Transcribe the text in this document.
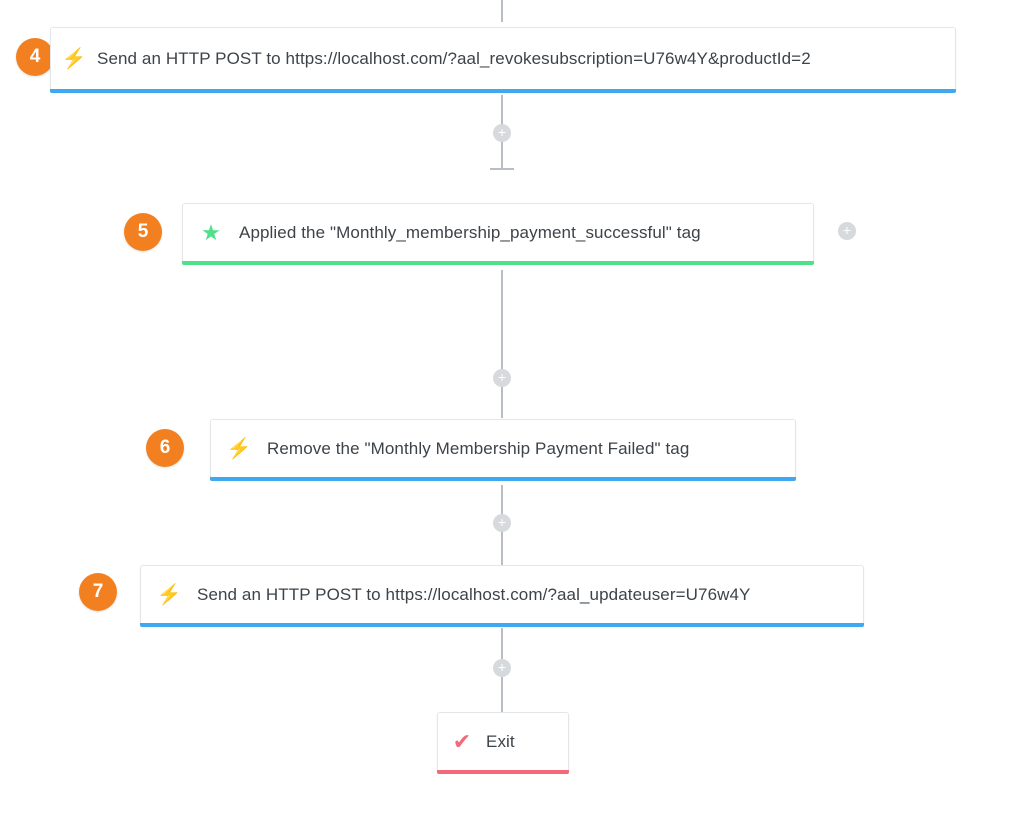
+
+
+
+
+
4	⚡ Send an HTTP POST to https://localhost.com/?aal_revokesubscription=U76w4Y&productId=2
5	★	Applied the "Monthly_membership_payment_successful" tag
6	⚡ Remove the "Monthly Membership Payment Failed" tag
7	⚡ Send an HTTP POST to https://localhost.com/?aal_updateuser=U76w4Y
✔ Exit
